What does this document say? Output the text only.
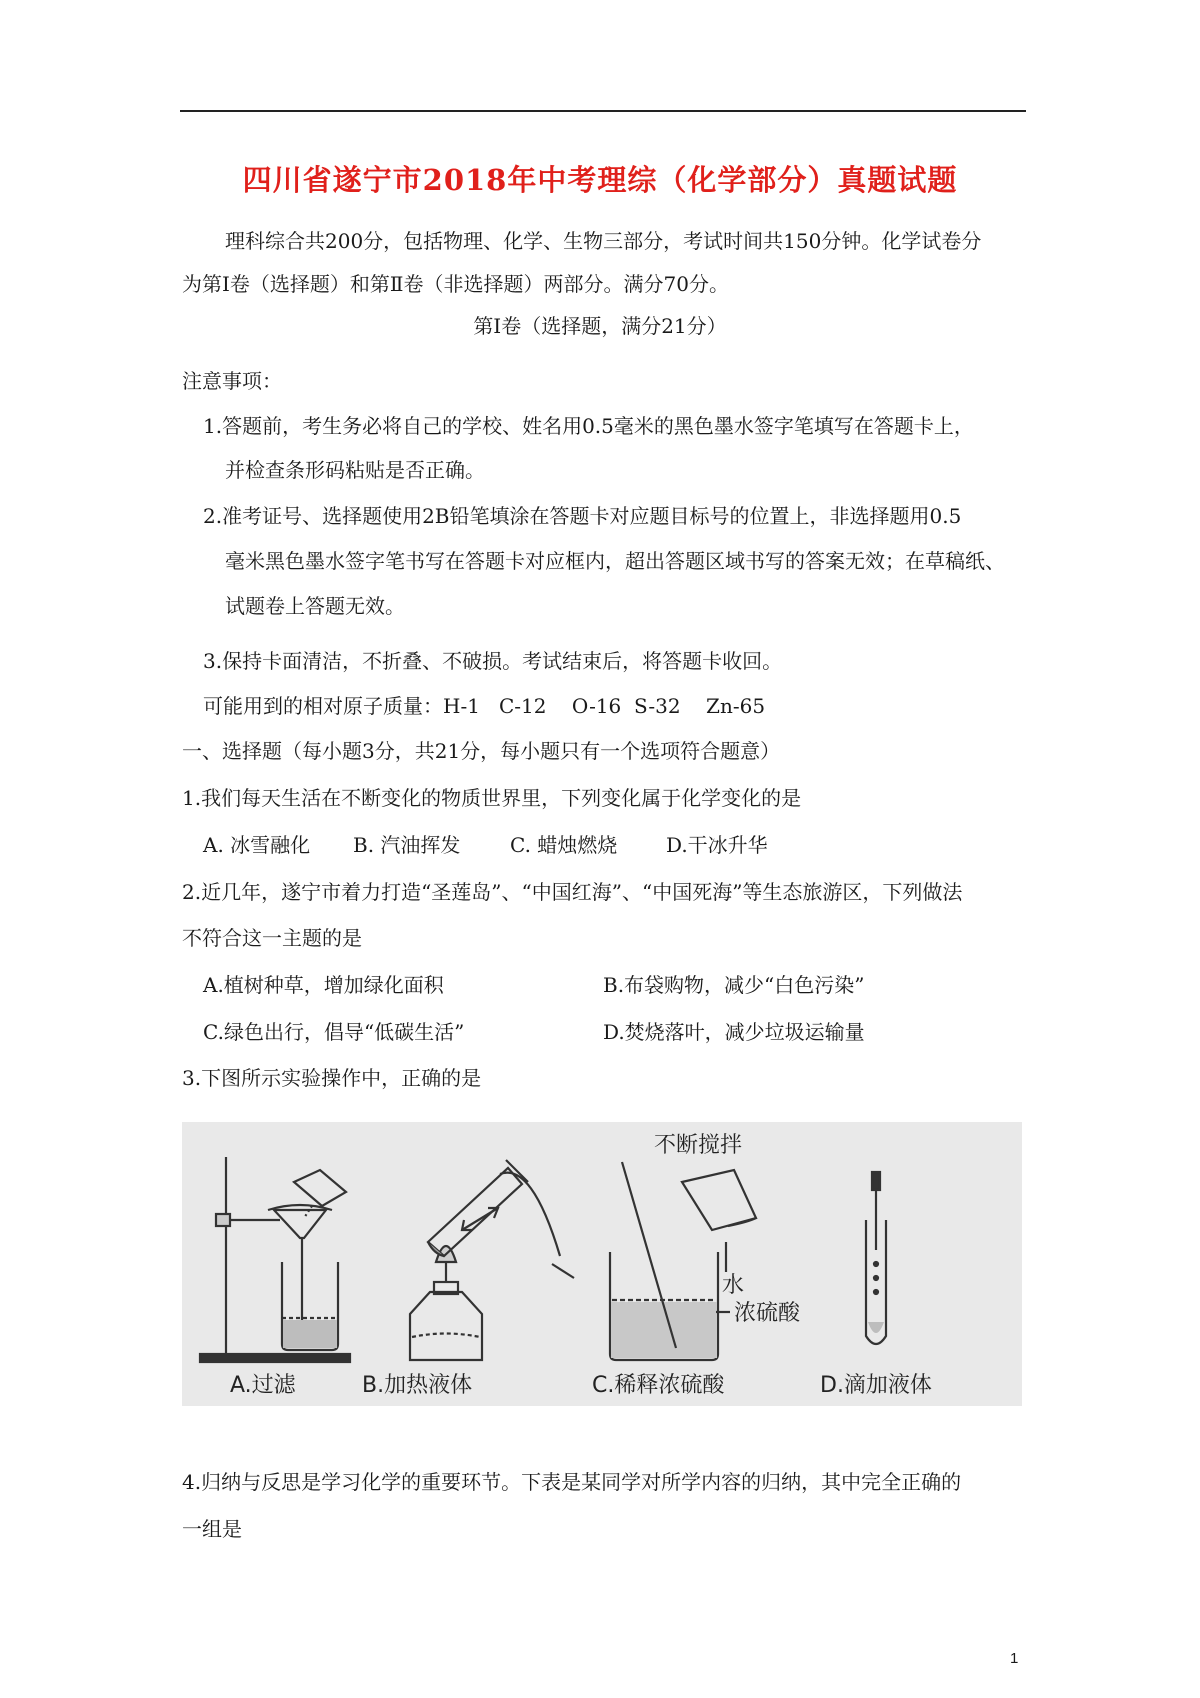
四川省遂宁市2018年中考理综（化学部分）真题试题
理科综合共200分，包括物理、化学、生物三部分，考试时间共150分钟。化学试卷分
为第Ⅰ卷（选择题）和第Ⅱ卷（非选择题）两部分。满分70分。
第Ⅰ卷（选择题，满分21分）
注意事项：
1.答题前，考生务必将自己的学校、姓名用0.5毫米的黑色墨水签字笔填写在答题卡上，
并检查条形码粘贴是否正确。
2.准考证号、选择题使用2B铅笔填涂在答题卡对应题目标号的位置上，非选择题用0.5
毫米黑色墨水签字笔书写在答题卡对应框内，超出答题区域书写的答案无效；在草稿纸、
试题卷上答题无效。
3.保持卡面清洁，不折叠、不破损。考试结束后，将答题卡收回。
可能用到的相对原子质量：H-1   C-12    O-16  S-32    Zn-65
一、选择题（每小题3分，共21分，每小题只有一个选项符合题意）
1.我们每天生活在不断变化的物质世界里，下列变化属于化学变化的是
A. 冰雪融化 B. 汽油挥发 C. 蜡烛燃烧 D.干冰升华
2.近几年，遂宁市着力打造“圣莲岛”、“中国红海”、“中国死海”等生态旅游区，下列做法
不符合这一主题的是
A.植树种草，增加绿化面积	B.布袋购物，减少“白色污染”
C.绿色出行，倡导“低碳生活”	D.焚烧落叶，减少垃圾运输量
3.下图所示实验操作中，正确的是
不断搅拌
水
浓硫酸
A.过滤	B.加热液体	C.稀释浓硫酸	D.滴加液体
4.归纳与反思是学习化学的重要环节。下表是某同学对所学内容的归纳，其中完全正确的
一组是
1
